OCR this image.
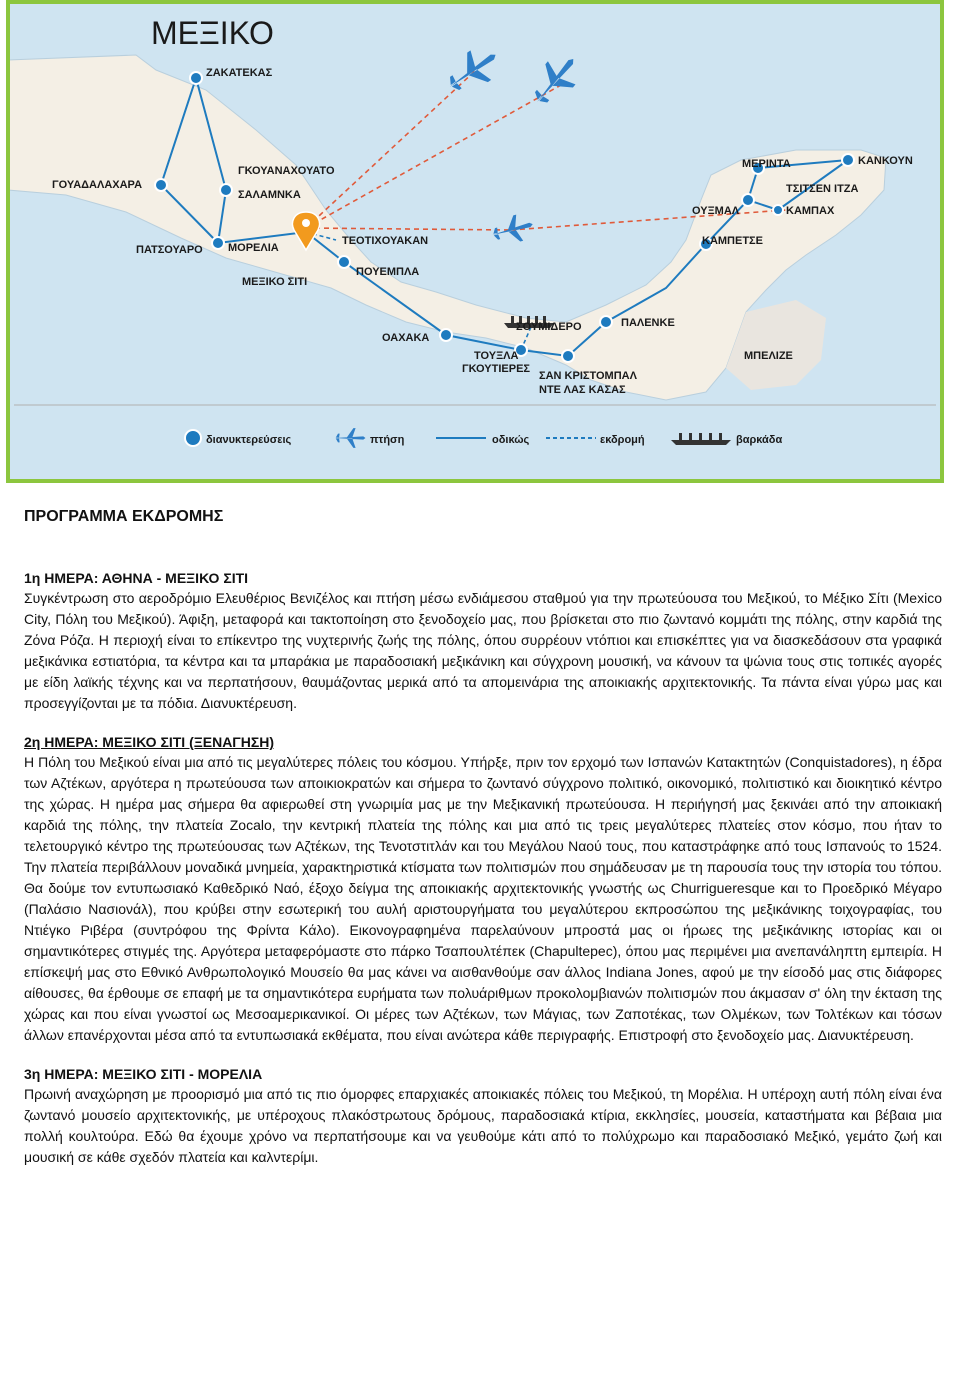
ΜΕΞΙΚΟ
ΖΑΚΑΤΕΚΑΣ
ΓΟΥΑΔΑΛΑΧΑΡΑ
ΓΚΟΥΑΝΑΧΟΥΑΤΟ
ΣΑΛΑΜΝΚΑ
ΠΑΤΣΟΥΑΡΟ ΜΟΡΕΛΙΑ
ΜΕΞΙΚΟ ΣΙΤΙ
ΤΕΟΤΙΧΟΥΑΚΑΝ
ΠΟΥΕΜΠΛΑ
ΟΑΧΑΚΑ
ΤΟΥΞΛΑ
ΓΚΟΥΤΙΕΡΕΣ
ΣΟΥΜΙΔΕΡΟ
ΣΑΝ ΚΡΙΣΤΟΜΠΑΛ
ΝΤΕ ΛΑΣ ΚΑΣΑΣ
ΠΑΛΕΝΚΕ
ΚΑΜΠΕΤΣΕ
ΜΕΡΙΝΤΑ	ΚΑΝΚΟΥΝ
ΤΣΙΤΣΕΝ ΙΤΖΑ
ΟΥΞΜΑΛ	ΚΑΜΠΑΧ
ΜΠΕΛΙΖΕ
διανυκτερεύσεις	πτήση	οδικώς	εκδρομή	βαρκάδα
ΠΡΟΓΡΑΜΜΑ ΕΚΔΡΟΜΗΣ
1η ΗΜΕΡΑ: ΑΘΗΝΑ - ΜΕΞΙΚΟ ΣΙΤΙ

Συγκέντρωση στο αεροδρόμιο Ελευθέριος Βενιζέλος και πτήση μέσω ενδιάμεσου σταθμού για την πρωτεύουσα του Μεξικού, το Μέξικο Σίτι (Mexico City, Πόλη του Μεξικού). Άφιξη, μεταφορά και τακτοποίηση στο ξενοδοχείο μας, που βρίσκεται στο πιο ζωντανό κομμάτι της πόλης, στην καρδιά της Ζόνα Ρόζα. Η περιοχή είναι το επίκεντρο της νυχτερινής ζωής της πόλης, όπου συρρέουν ντόπιοι και επισκέπτες για να διασκεδάσουν στα γραφικά μεξικάνικα εστιατόρια, τα κέντρα και τα μπαράκια με παραδοσιακή μεξικάνικη και σύγχρονη μουσική, να κάνουν τα ψώνια τους στις τοπικές αγορές με είδη λαϊκής τέχνης και να περπατήσουν, θαυμάζοντας μερικά από τα απομεινάρια της αποικιακής αρχιτεκτονικής. Τα πάντα είναι γύρω μας και προσεγγίζονται με τα πόδια. Διανυκτέρευση.

2η ΗΜΕΡΑ: ΜΕΞΙΚΟ ΣΙΤΙ (ΞΕΝΑΓΗΣΗ)

Η Πόλη του Μεξικού είναι μια από τις μεγαλύτερες πόλεις του κόσμου. Υπήρξε, πριν τον ερχομό των Ισπανών Κατακτητών (Conquistadores), η έδρα των Αζτέκων, αργότερα η πρωτεύουσα των αποικιοκρατών και σήμερα το ζωντανό σύγχρονο πολιτικό, οικονομικό, πολιτιστικό και διοικητικό κέντρο της χώρας. Η ημέρα μας σήμερα θα αφιερωθεί στη γνωριμία μας με την Μεξικανική πρωτεύουσα. Η περιήγησή μας ξεκινάει από την αποικιακή καρδιά της πόλης, την πλατεία Zocalo, την κεντρική πλατεία της πόλης και μια από τις τρεις μεγαλύτερες πλατείες στον κόσμο, που ήταν το τελετουργικό κέντρο της πρωτεύουσας των Αζτέκων, της Τενοτστιτλάν και του Μεγάλου Ναού τους, που καταστράφηκε από τους Ισπανούς το 1524. Την πλατεία περιβάλλουν μοναδικά μνημεία, χαρακτηριστικά κτίσματα των πολιτισμών που σημάδευσαν με τη παρουσία τους την ιστορία του τόπου. Θα δούμε τον εντυπωσιακό Καθεδρικό Ναό, έξοχο δείγμα της αποικιακής αρχιτεκτονικής γνωστής ως Churrigueresque και το Προεδρικό Μέγαρο (Παλάσιο Νασιονάλ), που κρύβει στην εσωτερική του αυλή αριστουργήματα του μεγαλύτερου εκπροσώπου της μεξικάνικης τοιχογραφίας, του Ντιέγκο Ριβέρα (συντρόφου της Φρίντα Κάλο). Εικονογραφημένα παρελαύνουν μπροστά μας οι ήρωες της μεξικάνικης ιστορίας και οι σημαντικότερες στιγμές της. Αργότερα μεταφερόμαστε στο πάρκο Τσαπουλτέπεκ (Chapultepec), όπου μας περιμένει μια ανεπανάληπτη εμπειρία. Η επίσκεψή μας στο Εθνικό Ανθρωπολογικό Μουσείο θα μας κάνει να αισθανθούμε σαν άλλος Indiana Jones, αφού με την είσοδό μας στις διάφορες αίθουσες, θα έρθουμε σε επαφή με τα σημαντικότερα ευρήματα των πολυάριθμων προκολομβιανών πολιτισμών που άκμασαν σ' όλη την έκταση της χώρας και που είναι γνωστοί ως Μεσοαμερικανικοί. Οι μέρες των Αζτέκων, των Μάγιας, των Ζαποτέκας, των Ολμέκων, των Τολτέκων και τόσων άλλων επανέρχονται μέσα από τα εντυπωσιακά εκθέματα, που είναι ανώτερα κάθε περιγραφής. Επιστροφή στο ξενοδοχείο μας. Διανυκτέρευση.

3η ΗΜΕΡΑ: ΜΕΞΙΚΟ ΣΙΤΙ - ΜΟΡΕΛΙΑ

Πρωινή αναχώρηση με προορισμό μια από τις πιο όμορφες επαρχιακές αποικιακές πόλεις του Μεξικού, τη Μορέλια. Η υπέροχη αυτή πόλη είναι ένα ζωντανό μουσείο αρχιτεκτονικής, με υπέροχους πλακόστρωτους δρόμους, παραδοσιακά κτίρια, εκκλησίες, μουσεία, καταστήματα και βέβαια μια πολλή κουλτούρα. Εδώ θα έχουμε χρόνο να περπατήσουμε και να γευθούμε κάτι από το πολύχρωμο και παραδοσιακό Μεξικό, γεμάτο ζωή και μουσική σε κάθε σχεδόν πλατεία και καλντερίμι.
